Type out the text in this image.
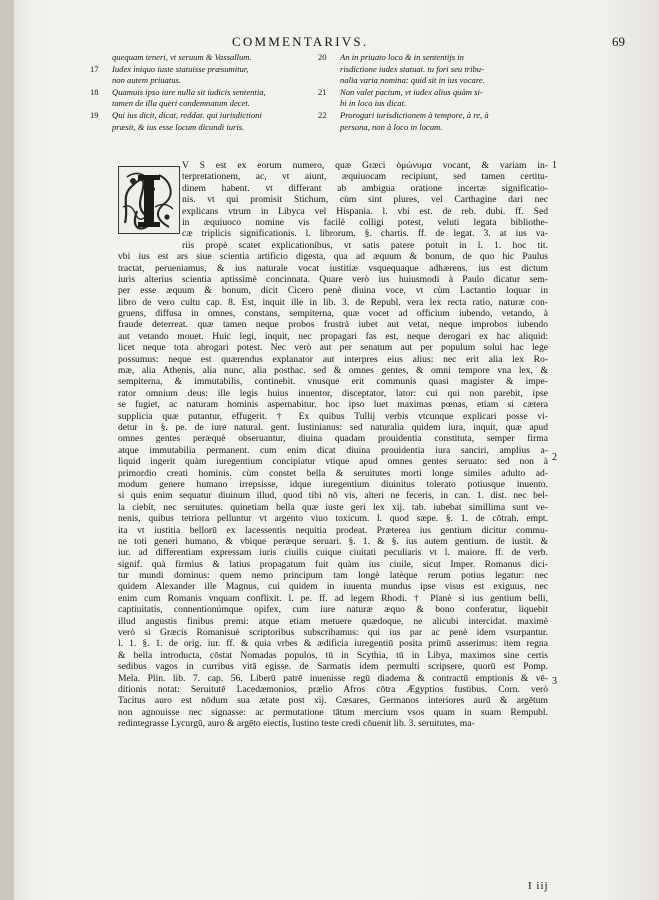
COMMENTARIVS.	69
quequam teneri, vt seruum & Vassallum.
17	Iudex iniquo iuste statuisse præsumitur,
non autem priuatus.
18	Quamuis ipso iure nulla sit iudicis sententia,
tamen de illa queri condemnatum decet.
19	Qui ius dicit, dicat, reddat. qui iurisdictioni
præsit, & ius esse locum dicundi iuris.
20	An in priuato loco & in sententijs in
risdictione iudex statuat. tu fori seu tribu-
nalia varia nomina: quid sit in ius vocare.
21	Non valet pactum, vt iudex alius quàm si-
bi in loco ius dicat.
22	Prorogari iurisdictionem à tempore, à re, à
persona, non à loco in locum.
V S est ex eorum numero, quæ Græci ὁμώνυμα vocant, & variam in-
terpretationem, ac, vt aiunt, æquiuocam recipiunt, sed tamen certitu-
dinem habent. vt differant ab ambigua oratione incertæ significatio-
nis. vt qui promisit Stichum, cùm sint plures, vel Carthagine dari nec
explicans vtrum in Libyca vel Hispania. l. vbi est. de reb. dubi. ff. Sed
in æquiuoco nomine vis facilè colligi potest, veluti legata bibliothe-
cæ triplicis significationis. l. librorum. §. chartis. ff. de legat. 3. at ius va-
riis propè scatet explicationibus, vt satis patere potuit in l. 1. hoc tit.
vbi ius est ars siue scientia artificio digesta, qua ad æquum & bonum, de quo hic Paulus
tractat, perueniamus, & ius naturale vocat iustitiæ vsquequaque adhærens. ius est dictum
iuris alterius scientia aptissimè concinnata. Quare verò ius huiusmodi à Paulo dicatur sem-
per esse æquum & bonum, dicit Cicero penè diuina voce, vt cùm Lactantio loquar in
libro de vero cultu cap. 8. Est, inquit ille in lib. 3. de Republ. vera lex recta ratio, naturæ con-
gruens, diffusa in omnes, constans, sempiterna, quæ vocet ad officium iubendo, vetando, à
fraude deterreat. quæ tamen neque probos frustrà iubet aut vetat, neque improbos iubendo
aut vetando mouet. Huic legi, inquit, nec propagari fas est, neque derogari ex hac aliquid:
licet neque tota abrogari potest. Nec verò aut per senatum aut per populum solui hac lege
possumus: neque est quærendus explanator aut interpres eius alius: nec erit alia lex Ro-
mæ, alia Athenis, alia nunc, alia posthac. sed & omnes gentes, & omni tempore vna lex, &
sempiterna, & immutabilis, continebit. vnusque erit communis quasi magister & impe-
rator omnium deus: ille legis huius inuentor, disceptator, lator: cui qui non parebit, ipse
se fugiet, ac naturam hominis aspernabitur. hoc ipso luet maximas pœnas, etiam si cætera
supplicia quæ putantur, effugerit. † Ex quibus Tullij verbis vtcunque explicari posse vi-
detur in §. pe. de iure natural. gent. Iustinianus: sed naturalia quidem iura, inquit, quæ apud
omnes gentes peræquè obseruantur, diuina quadam prouidentia constituta, semper firma
atque immutabilia permanent. cum enim dicat diuina prouidentia iura sanciri, amplius a-
liquid ingerit quàm iuregentium concipiatur vtique apud omnes gentes seruato: sed non à
primordio creati hominis. cùm constet bella & seruitutes morti longe similes adulto ad-
modum genere humano irrepsisse, idque iuregentium diuinitus tolerato potiusque inuento.
si quis enim sequatur diuinum illud, quod tibi nō vis, alteri ne feceris, in can. 1. dist. nec bel-
la ciebit, nec seruitutes. quinetiam bella quæ iuste geri lex xij. tab. iubebat simillima sunt ve-
nenis, quibus tetriora pelluntur vt argento viuo toxicum. l. quod sæpe. §. 1. de cōtrah. empt.
ita vt iustitia bellorū ex lacessentis nequitia prodeat. Præterea ius gentium dicitur commu-
ne toti generi humano, & vbique peræque seruari. §. 1. & §. ius autem gentium. de iustit. &
iur. ad differentiam expressam iuris ciuilis cuique ciuitati peculiaris vt l. maiore. ff. de verb.
signif. quà firmius & latius propagatum fuit quàm ius ciuile, sicut Imper. Romanus dici-
tur mundi dominus: quem nemo principum tam longè latèque rerum potius legatur: nec
quidem Alexander ille Magnus, cui quidem in iuuenta mundus ipse visus est exiguus, nec
enim cum Romanis vnquam conflixit. l. pe. ff. ad legem Rhodi. † Planè si ius gentium belli,
captiuitatis, connentionúmque opifex, cum iure naturæ æquo & bono conferatur, liquebit
illud angustis finibus premi: atque etiam metuere quædoque, ne alicubi intercidat. maximè
verò si Græcis Romanisuè scriptoribus subscribamus: qui ius par ac penè idem vsurpantur.
l. 1. §. 1. de orig. iur. ff. & quia vrbes & ædificia iuregentiū posita primū asserimus: item regna
& bella introducta, cōstat Nomadas populos, tū in Scythia, tū in Libya, maximos sine certis
sedibus vagos in curribus vitā egisse. de Sarmatis idem permulti scripsere, quorū est Pomp.
Mela. Plin. lib. 7. cap. 56. Liberū patrē inuenisse regū diadema & contractū emptionis & vē-
ditionis notat: Seruitutē Lacedæmonios, prælio Afros cōtra Ægyptios fustibus. Corn. verò
Tacitus auro est nōdum sua ætate post xij. Cæsares, Germanos interiores aurū & argētum
non agnouisse nec signasse: ac permutatione tātum mercium vsos quam in suam Rempubl.
redintegrasse Lycurgū, auro & argēto eiectis, Iustino teste credi cōuenit lib. 3. seruitutes, ma-
1
2
3
I iij
